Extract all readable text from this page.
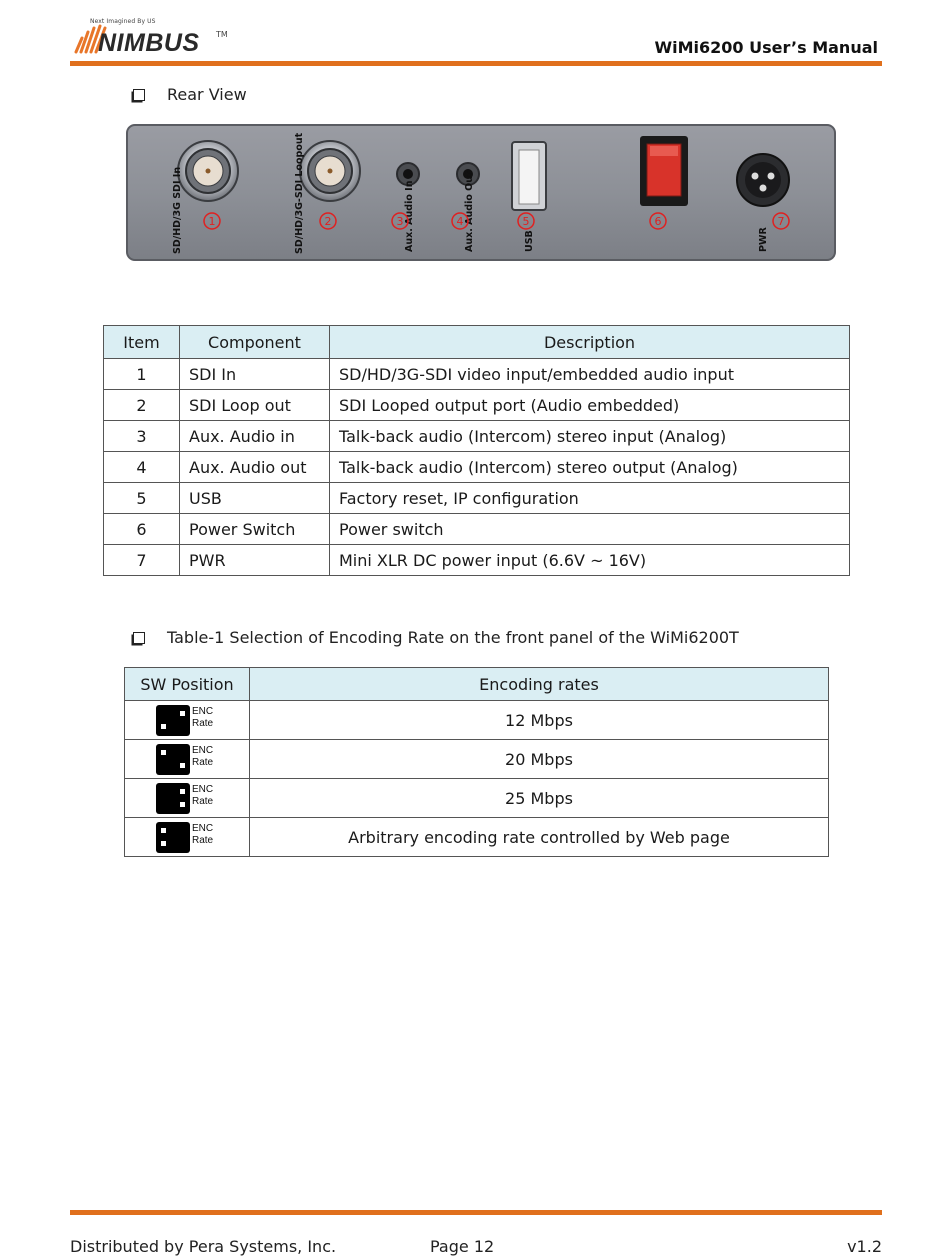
Next Imagined By US
NIMBUS TM
WiMi6200 User’s Manual
Rear View
SD/HD/3G SDI In	SD/HD/3G-SDI Loopout	Aux. Audio In	Aux. Audio Out	USB	PWR
1	2	3	4	5	6	7
Item	Component	Description
1	SDI In	SD/HD/3G-SDI video input/embedded audio input
2	SDI Loop out	SDI Looped output port (Audio embedded)
3	Aux. Audio in	Talk-back audio (Intercom) stereo input (Analog)
4	Aux. Audio out	Talk-back audio (Intercom) stereo output (Analog)
5	USB	Factory reset, IP configuration
6	Power Switch	Power switch
7	PWR	Mini XLR DC power input (6.6V ~ 16V)
Table-1 Selection of Encoding Rate on the front panel of the WiMi6200T
SW Position	Encoding rates

ENC
Rate	12 Mbps

ENC
Rate	20 Mbps

ENC
Rate	25 Mbps

ENC
Rate	Arbitrary encoding rate controlled by Web page
Distributed by Pera Systems, Inc.	Page 12	v1.2
